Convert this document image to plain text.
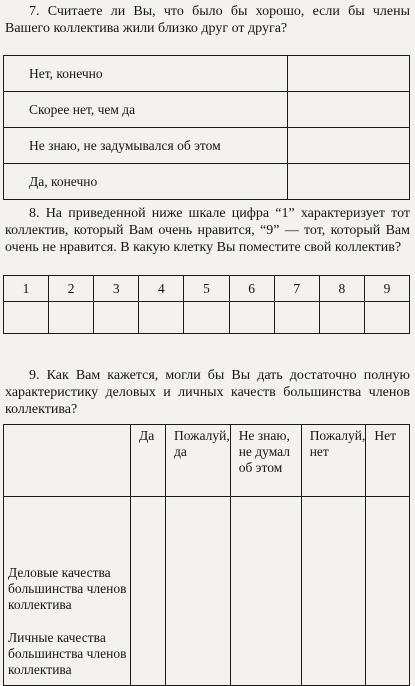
7. Считаете ли Вы, что было бы хорошо, если бы члены Вашего коллектива жили близко друг от друга?
Нет, конечно	
Скорее нет, чем да	
Не знаю, не задумывался об этом	
Да, конечно	
8. На приведенной ниже шкале цифра “1” характеризует тот коллектив, который Вам очень нравится, “9” — тот, который Вам очень не нравится. В какую клетку Вы поместите свой коллектив?
1	2	3	4	5	6	7	8	9

9. Как Вам кажется, могли бы Вы дать достаточно полную характеристику деловых и личных качеств большинства членов коллектива?
	Да	Пожалуй, да	Не знаю, не думал об этом	Пожалуй, нет	Нет

Деловые качества большинства членов коллектива
Личные качества большинства членов коллектива					
